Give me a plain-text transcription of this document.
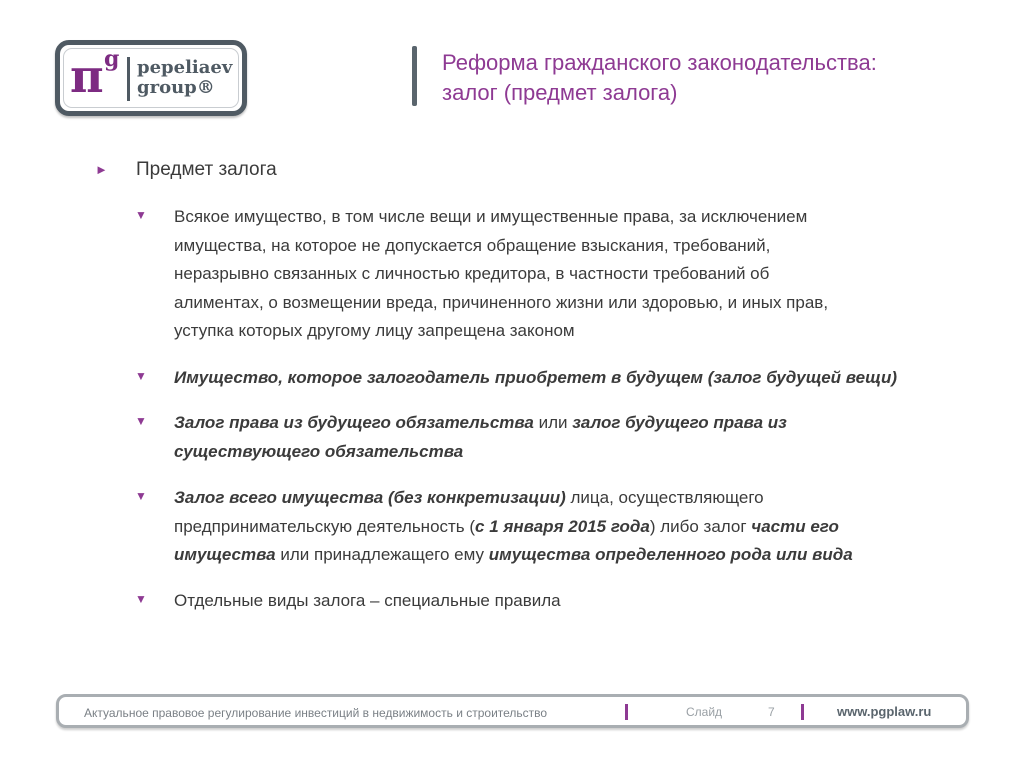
π g pepeliaev
group®
Реформа гражданского законодательства:
залог (предмет залога)
► Предмет залога
▼ Всякое имущество, в том числе вещи и имущественные права, за исключением
имущества, на которое не допускается обращение взыскания, требований,
неразрывно связанных с личностью кредитора, в частности требований об
алиментах, о возмещении вреда, причиненного жизни или здоровью, и иных прав,
уступка которых другому лицу запрещена законом
▼ Имущество, которое залогодатель приобретет в будущем (залог будущей вещи)
▼ Залог права из будущего обязательства или залог будущего права из
существующего обязательства
▼ Залог всего имущества (без конкретизации) лица, осуществляющего
предпринимательскую деятельность (с 1 января 2015 года) либо залог части его
имущества или принадлежащего ему имущества определенного рода или вида
▼ Отдельные виды залога – специальные правила
Актуальное правовое регулирование инвестиций в недвижимость и строительство	Слайд	7	www.pgplaw.ru
